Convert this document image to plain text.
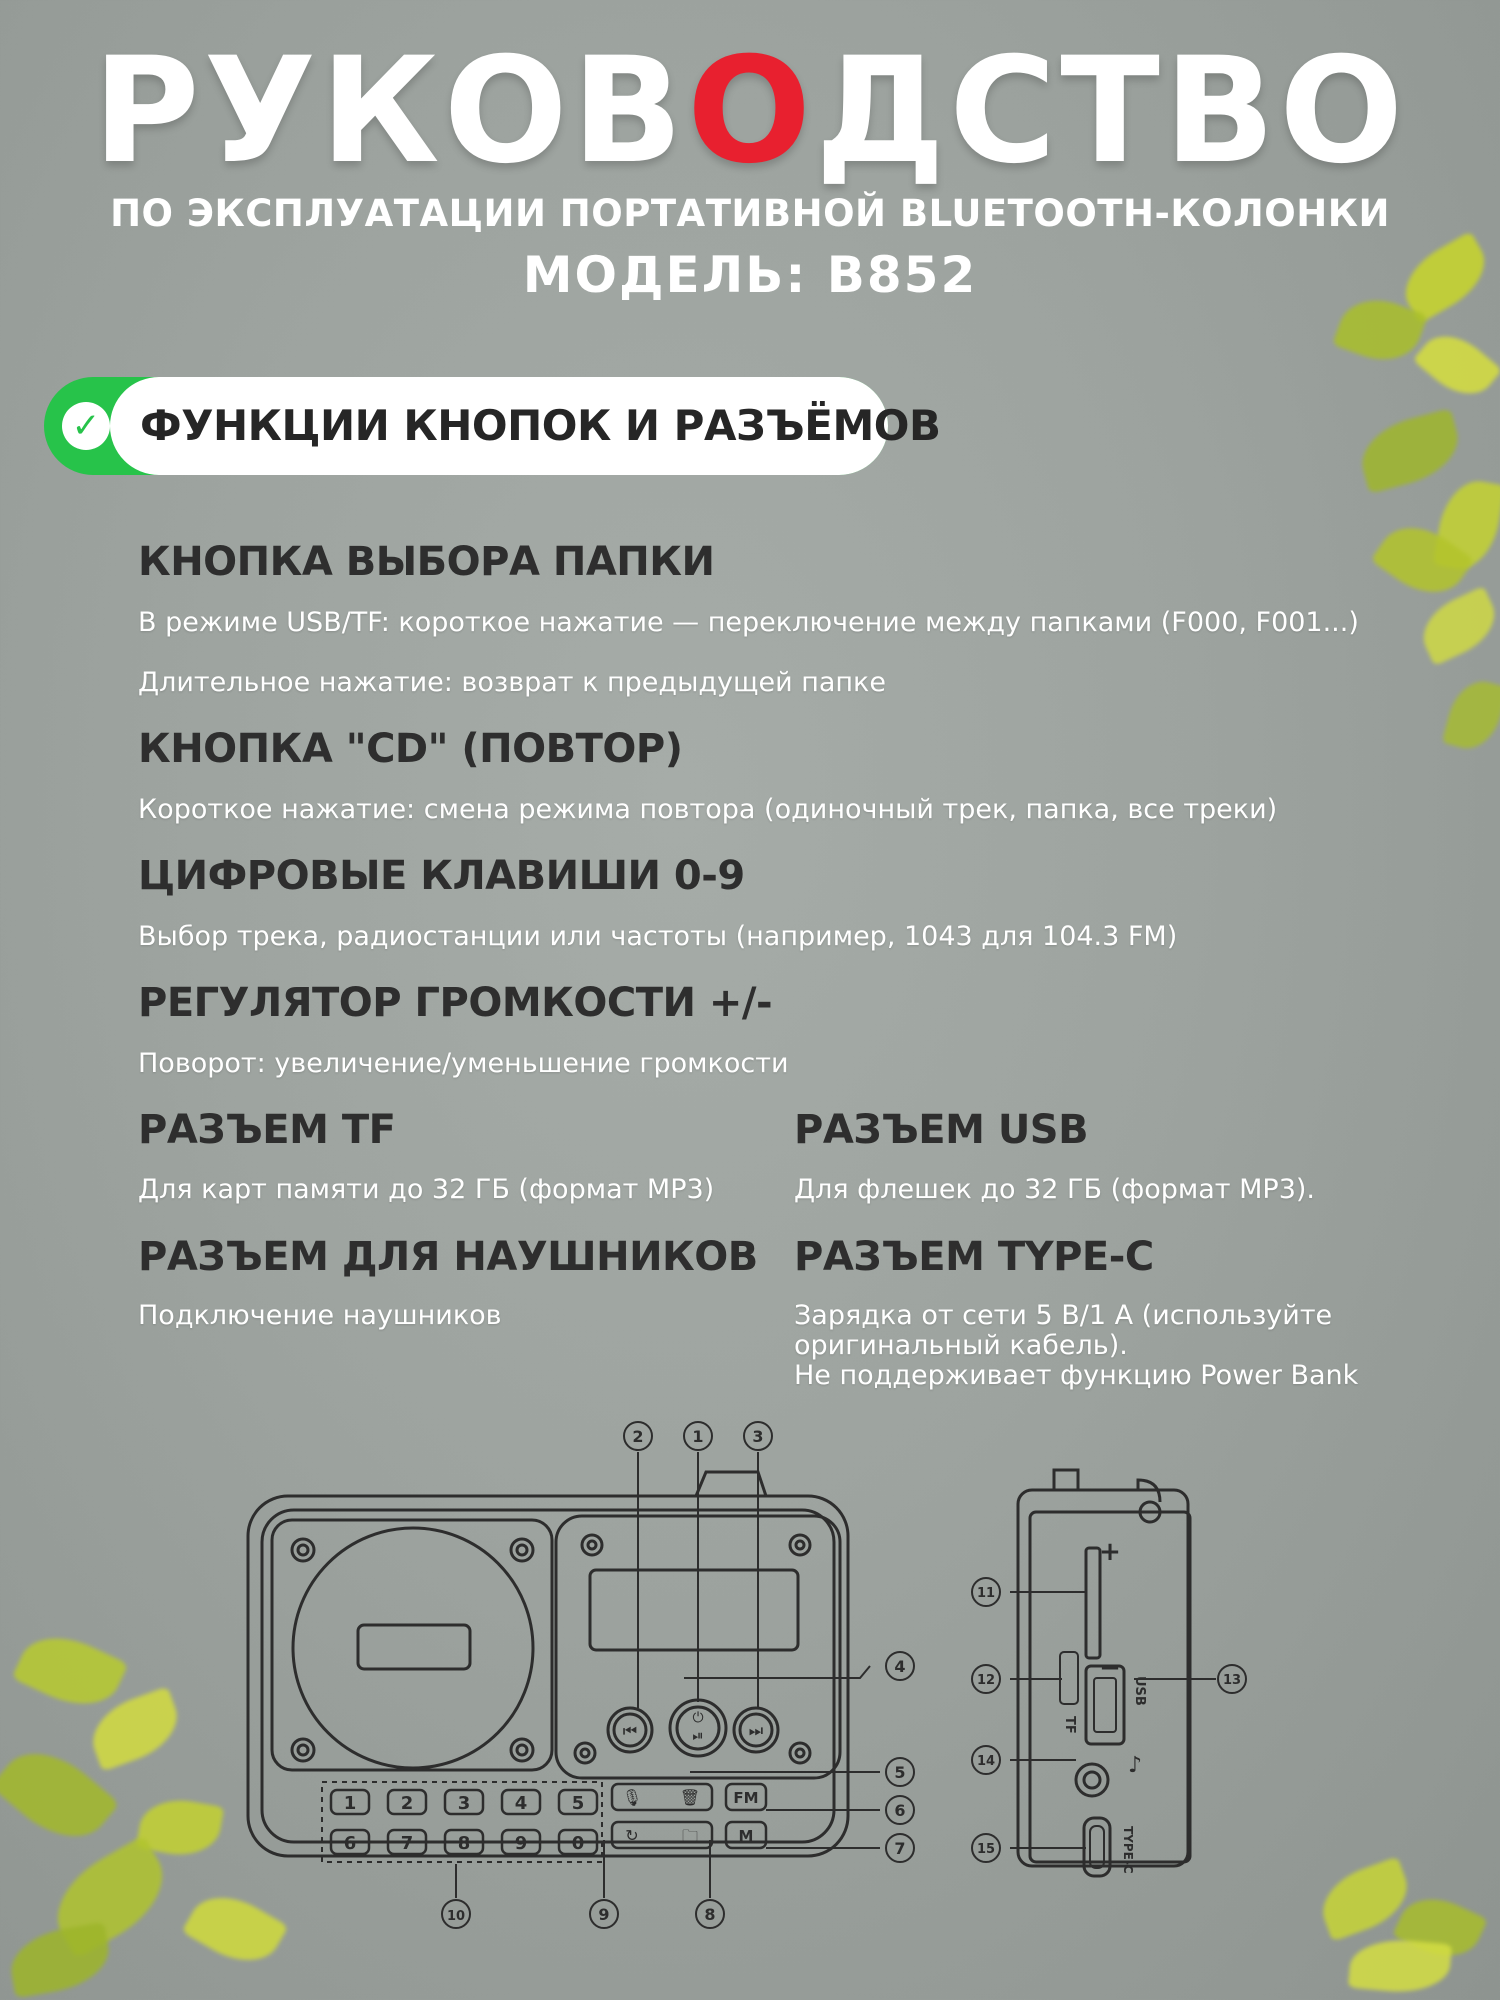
РУКОВОДСТВО
ПО ЭКСПЛУАТАЦИИ ПОРТАТИВНОЙ BLUETOOTH-КОЛОНКИ
МОДЕЛЬ: B852
✓ ФУНКЦИИ КНОПОК И РАЗЪЁМОВ
КНОПКА ВЫБОРА ПАПКИ
В режиме USB/TF: короткое нажатие — переключение между папками (F000, F001...)
Длительное нажатие: возврат к предыдущей папке
КНОПКА "CD" (ПОВТОР)
Короткое нажатие: смена режима повтора (одиночный трек, папка, все треки)
ЦИФРОВЫЕ КЛАВИШИ 0-9
Выбор трека, радиостанции или частоты (например, 1043 для 104.3 FM)
РЕГУЛЯТОР ГРОМКОСТИ +/-
Поворот: увеличение/уменьшение громкости
РАЗЪЕМ TF
Для карт памяти до 32 ГБ (формат MP3)
РАЗЪЕМ USB
Для флешек до 32 ГБ (формат MP3).
РАЗЪЕМ ДЛЯ НАУШНИКОВ
Подключение наушников
РАЗЪЕМ TYPE-C
Зарядка от сети 5 В/1 А (используйте
оригинальный кабель).
Не поддерживает функцию Power Bank
⏮
⏻
⏯	⏭
1 2 3 4 5
6 7 8 9 0
🎙 🗑
↻	🗀
FM
M
+
−
USB
TF
♪
TYPE-C
1
2	3
4
5
6
7
8
9
10
11
12	13
14
15
